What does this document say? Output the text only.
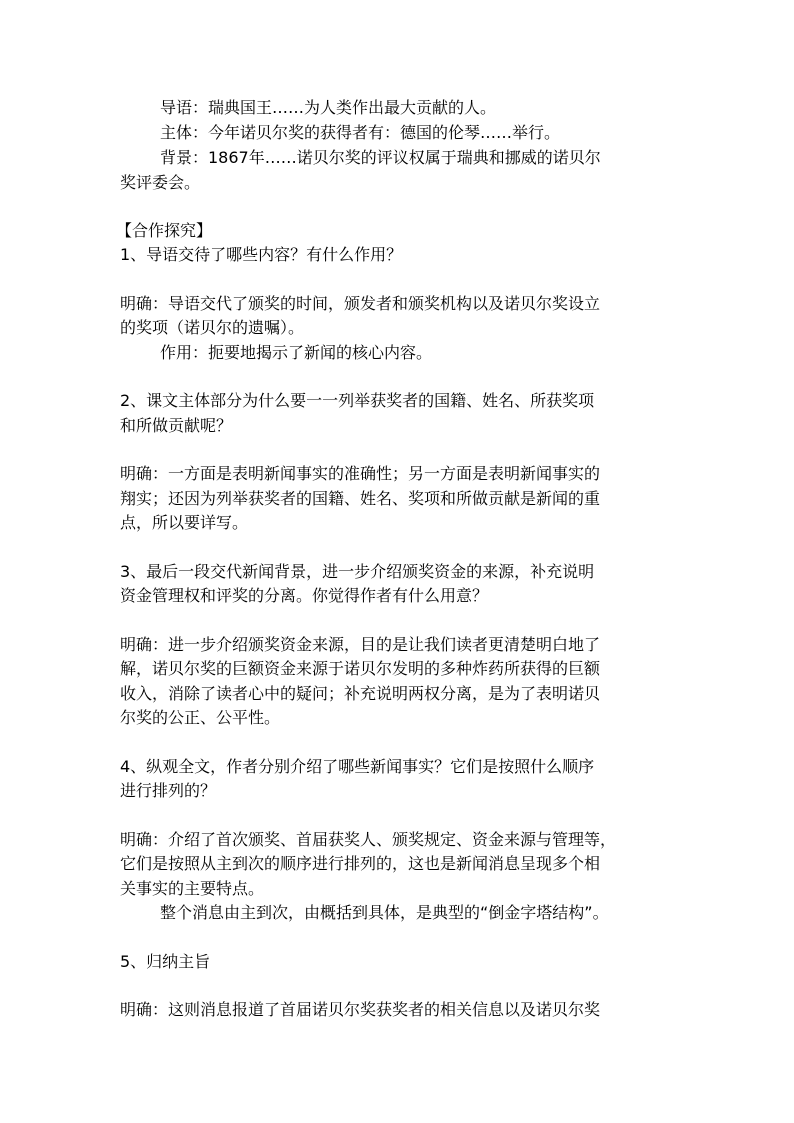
导语：瑞典国王……为人类作出最大贡献的人。
主体：今年诺贝尔奖的获得者有：德国的伦琴……举行。
背景：1867年……诺贝尔奖的评议权属于瑞典和挪威的诺贝尔
奖评委会。
【合作探究】
1、导语交待了哪些内容？有什么作用？
明确：导语交代了颁奖的时间，颁发者和颁奖机构以及诺贝尔奖设立
的奖项（诺贝尔的遗嘱）。
作用：扼要地揭示了新闻的核心内容。
2、课文主体部分为什么要一一列举获奖者的国籍、姓名、所获奖项
和所做贡献呢？
明确：一方面是表明新闻事实的准确性；另一方面是表明新闻事实的
翔实；还因为列举获奖者的国籍、姓名、奖项和所做贡献是新闻的重
点，所以要详写。
3、最后一段交代新闻背景，进一步介绍颁奖资金的来源，补充说明
资金管理权和评奖的分离。你觉得作者有什么用意？
明确：进一步介绍颁奖资金来源，目的是让我们读者更清楚明白地了
解，诺贝尔奖的巨额资金来源于诺贝尔发明的多种炸药所获得的巨额
收入，消除了读者心中的疑问；补充说明两权分离，是为了表明诺贝
尔奖的公正、公平性。
4、纵观全文，作者分别介绍了哪些新闻事实？它们是按照什么顺序
进行排列的？
明确：介绍了首次颁奖、首届获奖人、颁奖规定、资金来源与管理等，
它们是按照从主到次的顺序进行排列的，这也是新闻消息呈现多个相
关事实的主要特点。
整个消息由主到次，由概括到具体，是典型的“倒金字塔结构”。
5、归纳主旨
明确：这则消息报道了首届诺贝尔奖获奖者的相关信息以及诺贝尔奖
